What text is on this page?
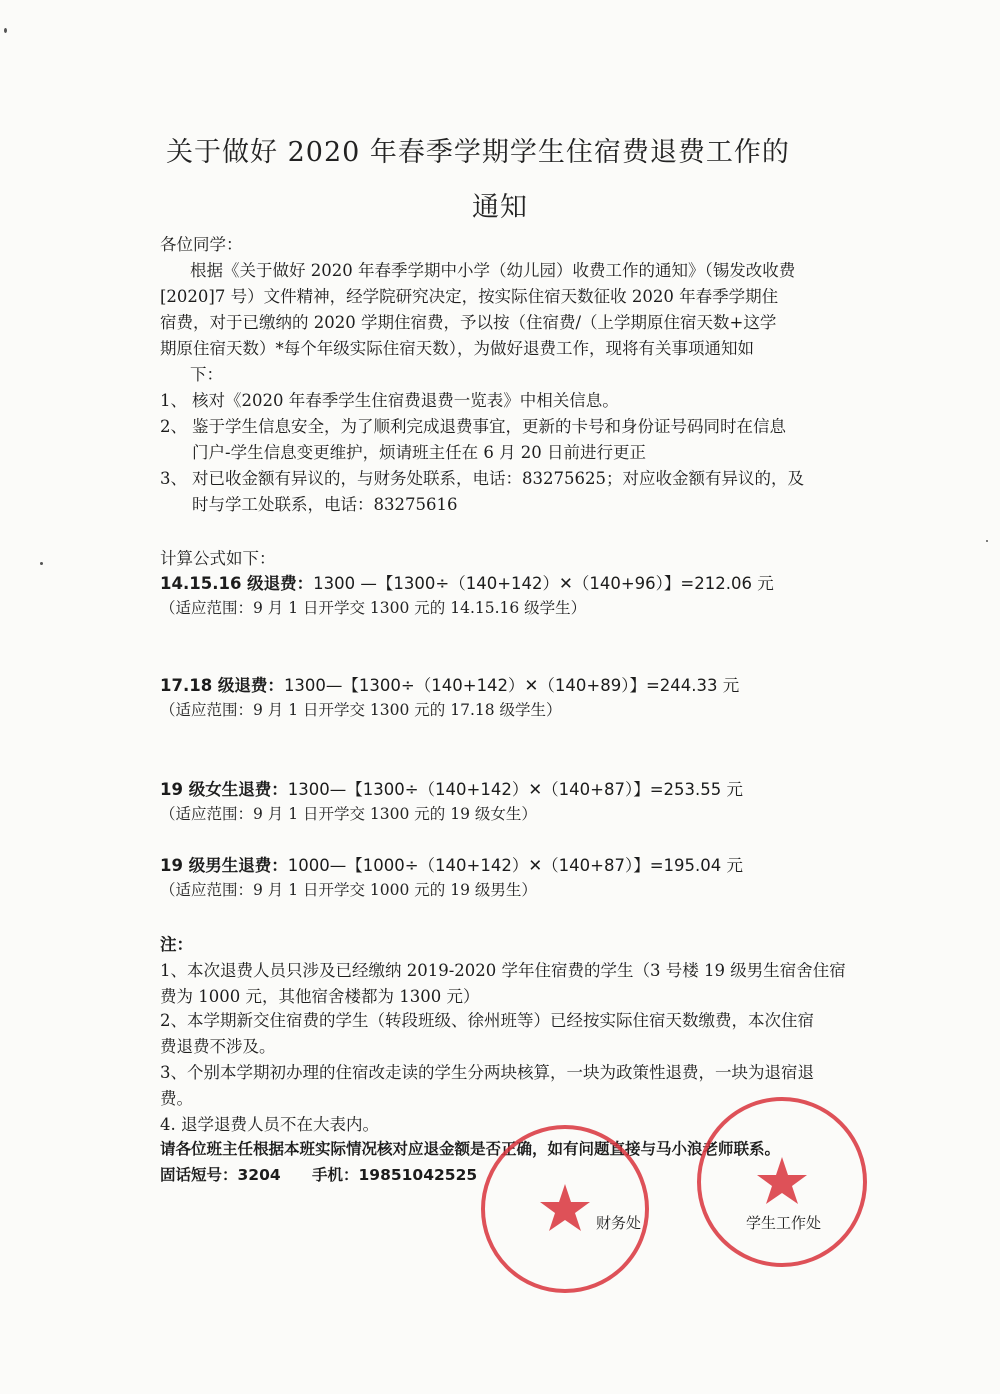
关于做好 2020 年春季学期学生住宿费退费工作的
通知
各位同学：
根据《关于做好 2020 年春季学期中小学（幼儿园）收费工作的通知》（锡发改收费
[2020]7 号）文件精神，经学院研究决定，按实际住宿天数征收 2020 年春季学期住
宿费，对于已缴纳的 2020 学期住宿费，予以按（住宿费/（上学期原住宿天数+这学
期原住宿天数）*每个年级实际住宿天数），为做好退费工作，现将有关事项通知如
下：
1、 核对《2020 年春季学生住宿费退费一览表》中相关信息。
2、 鉴于学生信息安全，为了顺利完成退费事宜，更新的卡号和身份证号码同时在信息
门户-学生信息变更维护，烦请班主任在 6 月 20 日前进行更正
3、 对已收金额有异议的，与财务处联系，电话：83275625；对应收金额有异议的，及
时与学工处联系，电话：83275616
计算公式如下：
14.15.16 级退费：1300 —【1300÷（140+142）✕（140+96）】=212.06 元
（适应范围：9 月 1 日开学交 1300 元的 14.15.16 级学生）
17.18 级退费：1300—【1300÷（140+142）✕（140+89）】=244.33 元
（适应范围：9 月 1 日开学交 1300 元的 17.18 级学生）
19 级女生退费：1300—【1300÷（140+142）✕（140+87）】=253.55 元
（适应范围：9 月 1 日开学交 1300 元的 19 级女生）
19 级男生退费：1000—【1000÷（140+142）✕（140+87）】=195.04 元
（适应范围：9 月 1 日开学交 1000 元的 19 级男生）
注：
1、本次退费人员只涉及已经缴纳 2019-2020 学年住宿费的学生（3 号楼 19 级男生宿舍住宿
费为 1000 元，其他宿舍楼都为 1300 元）
2、本学期新交住宿费的学生（转段班级、徐州班等）已经按实际住宿天数缴费，本次住宿
费退费不涉及。
3、个别本学期初办理的住宿改走读的学生分两块核算，一块为政策性退费，一块为退宿退
费。
4. 退学退费人员不在大表内。
请各位班主任根据本班实际情况核对应退金额是否正确，如有问题直接与马小浪老师联系。
固话短号：3204 手机：19851042525
财务处	学生工作处
